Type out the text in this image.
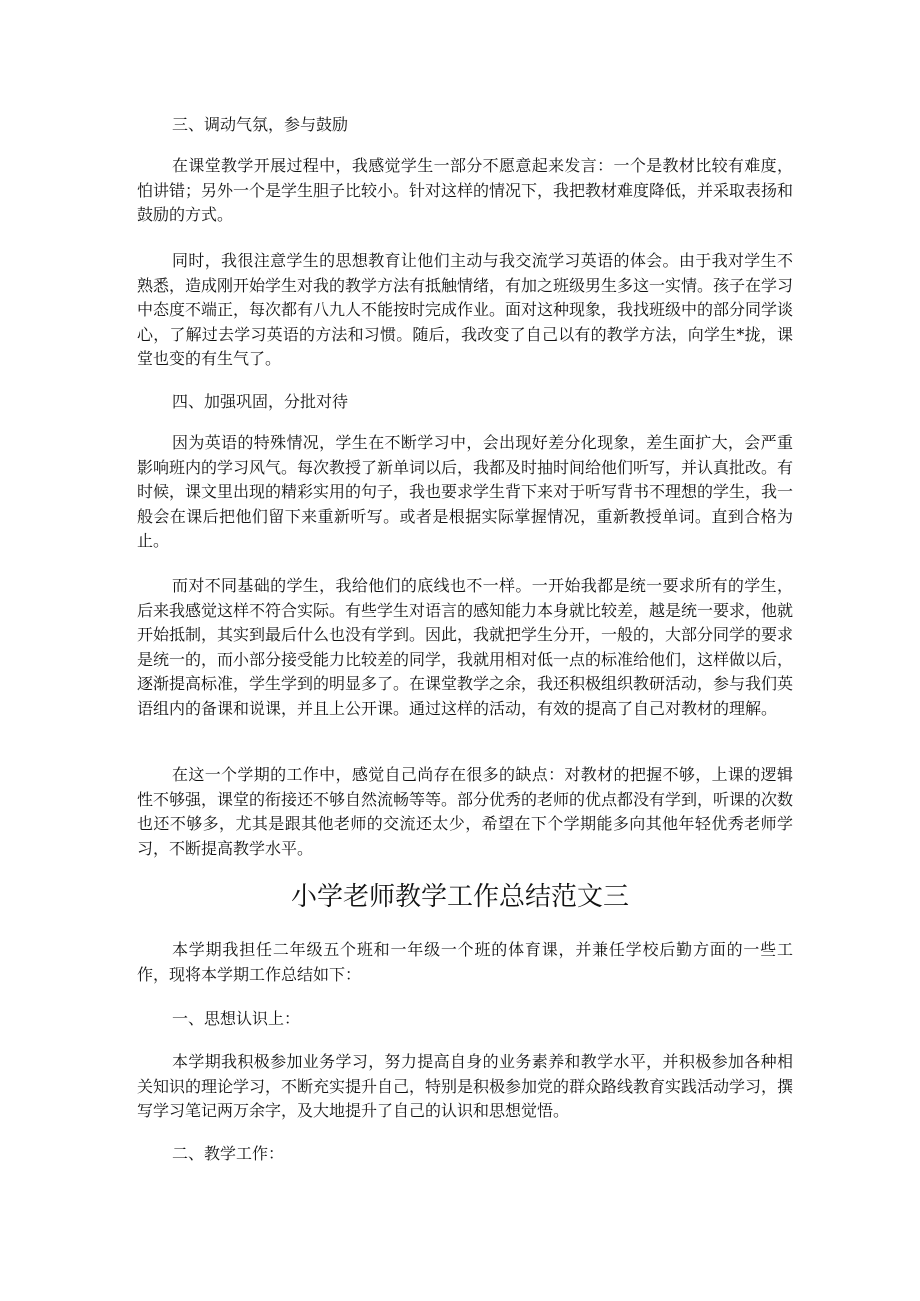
三、调动气氛，参与鼓励

在课堂教学开展过程中，我感觉学生一部分不愿意起来发言：一个是教材比较有难度，怕讲错；另外一个是学生胆子比较小。针对这样的情况下，我把教材难度降低，并采取表扬和鼓励的方式。

同时，我很注意学生的思想教育让他们主动与我交流学习英语的体会。由于我对学生不熟悉，造成刚开始学生对我的教学方法有抵触情绪，有加之班级男生多这一实情。孩子在学习中态度不端正，每次都有八九人不能按时完成作业。面对这种现象，我找班级中的部分同学谈心，了解过去学习英语的方法和习惯。随后，我改变了自己以有的教学方法，向学生*拢，课堂也变的有生气了。

四、加强巩固，分批对待

因为英语的特殊情况，学生在不断学习中，会出现好差分化现象，差生面扩大，会严重影响班内的学习风气。每次教授了新单词以后，我都及时抽时间给他们听写，并认真批改。有时候，课文里出现的精彩实用的句子，我也要求学生背下来对于听写背书不理想的学生，我一般会在课后把他们留下来重新听写。或者是根据实际掌握情况，重新教授单词。直到合格为止。

而对不同基础的学生，我给他们的底线也不一样。一开始我都是统一要求所有的学生，后来我感觉这样不符合实际。有些学生对语言的感知能力本身就比较差，越是统一要求，他就开始抵制，其实到最后什么也没有学到。因此，我就把学生分开，一般的，大部分同学的要求是统一的，而小部分接受能力比较差的同学，我就用相对低一点的标准给他们，这样做以后，逐渐提高标准，学生学到的明显多了。在课堂教学之余，我还积极组织教研活动，参与我们英语组内的备课和说课，并且上公开课。通过这样的活动，有效的提高了自己对教材的理解。

在这一个学期的工作中，感觉自己尚存在很多的缺点：对教材的把握不够，上课的逻辑性不够强，课堂的衔接还不够自然流畅等等。部分优秀的老师的优点都没有学到，听课的次数也还不够多，尤其是跟其他老师的交流还太少，希望在下个学期能多向其他年轻优秀老师学习，不断提高教学水平。

小学老师教学工作总结范文三

本学期我担任二年级五个班和一年级一个班的体育课，并兼任学校后勤方面的一些工作，现将本学期工作总结如下：

一、思想认识上：

本学期我积极参加业务学习，努力提高自身的业务素养和教学水平，并积极参加各种相关知识的理论学习，不断充实提升自己，特别是积极参加党的群众路线教育实践活动学习，撰写学习笔记两万余字，及大地提升了自己的认识和思想觉悟。

二、教学工作：
